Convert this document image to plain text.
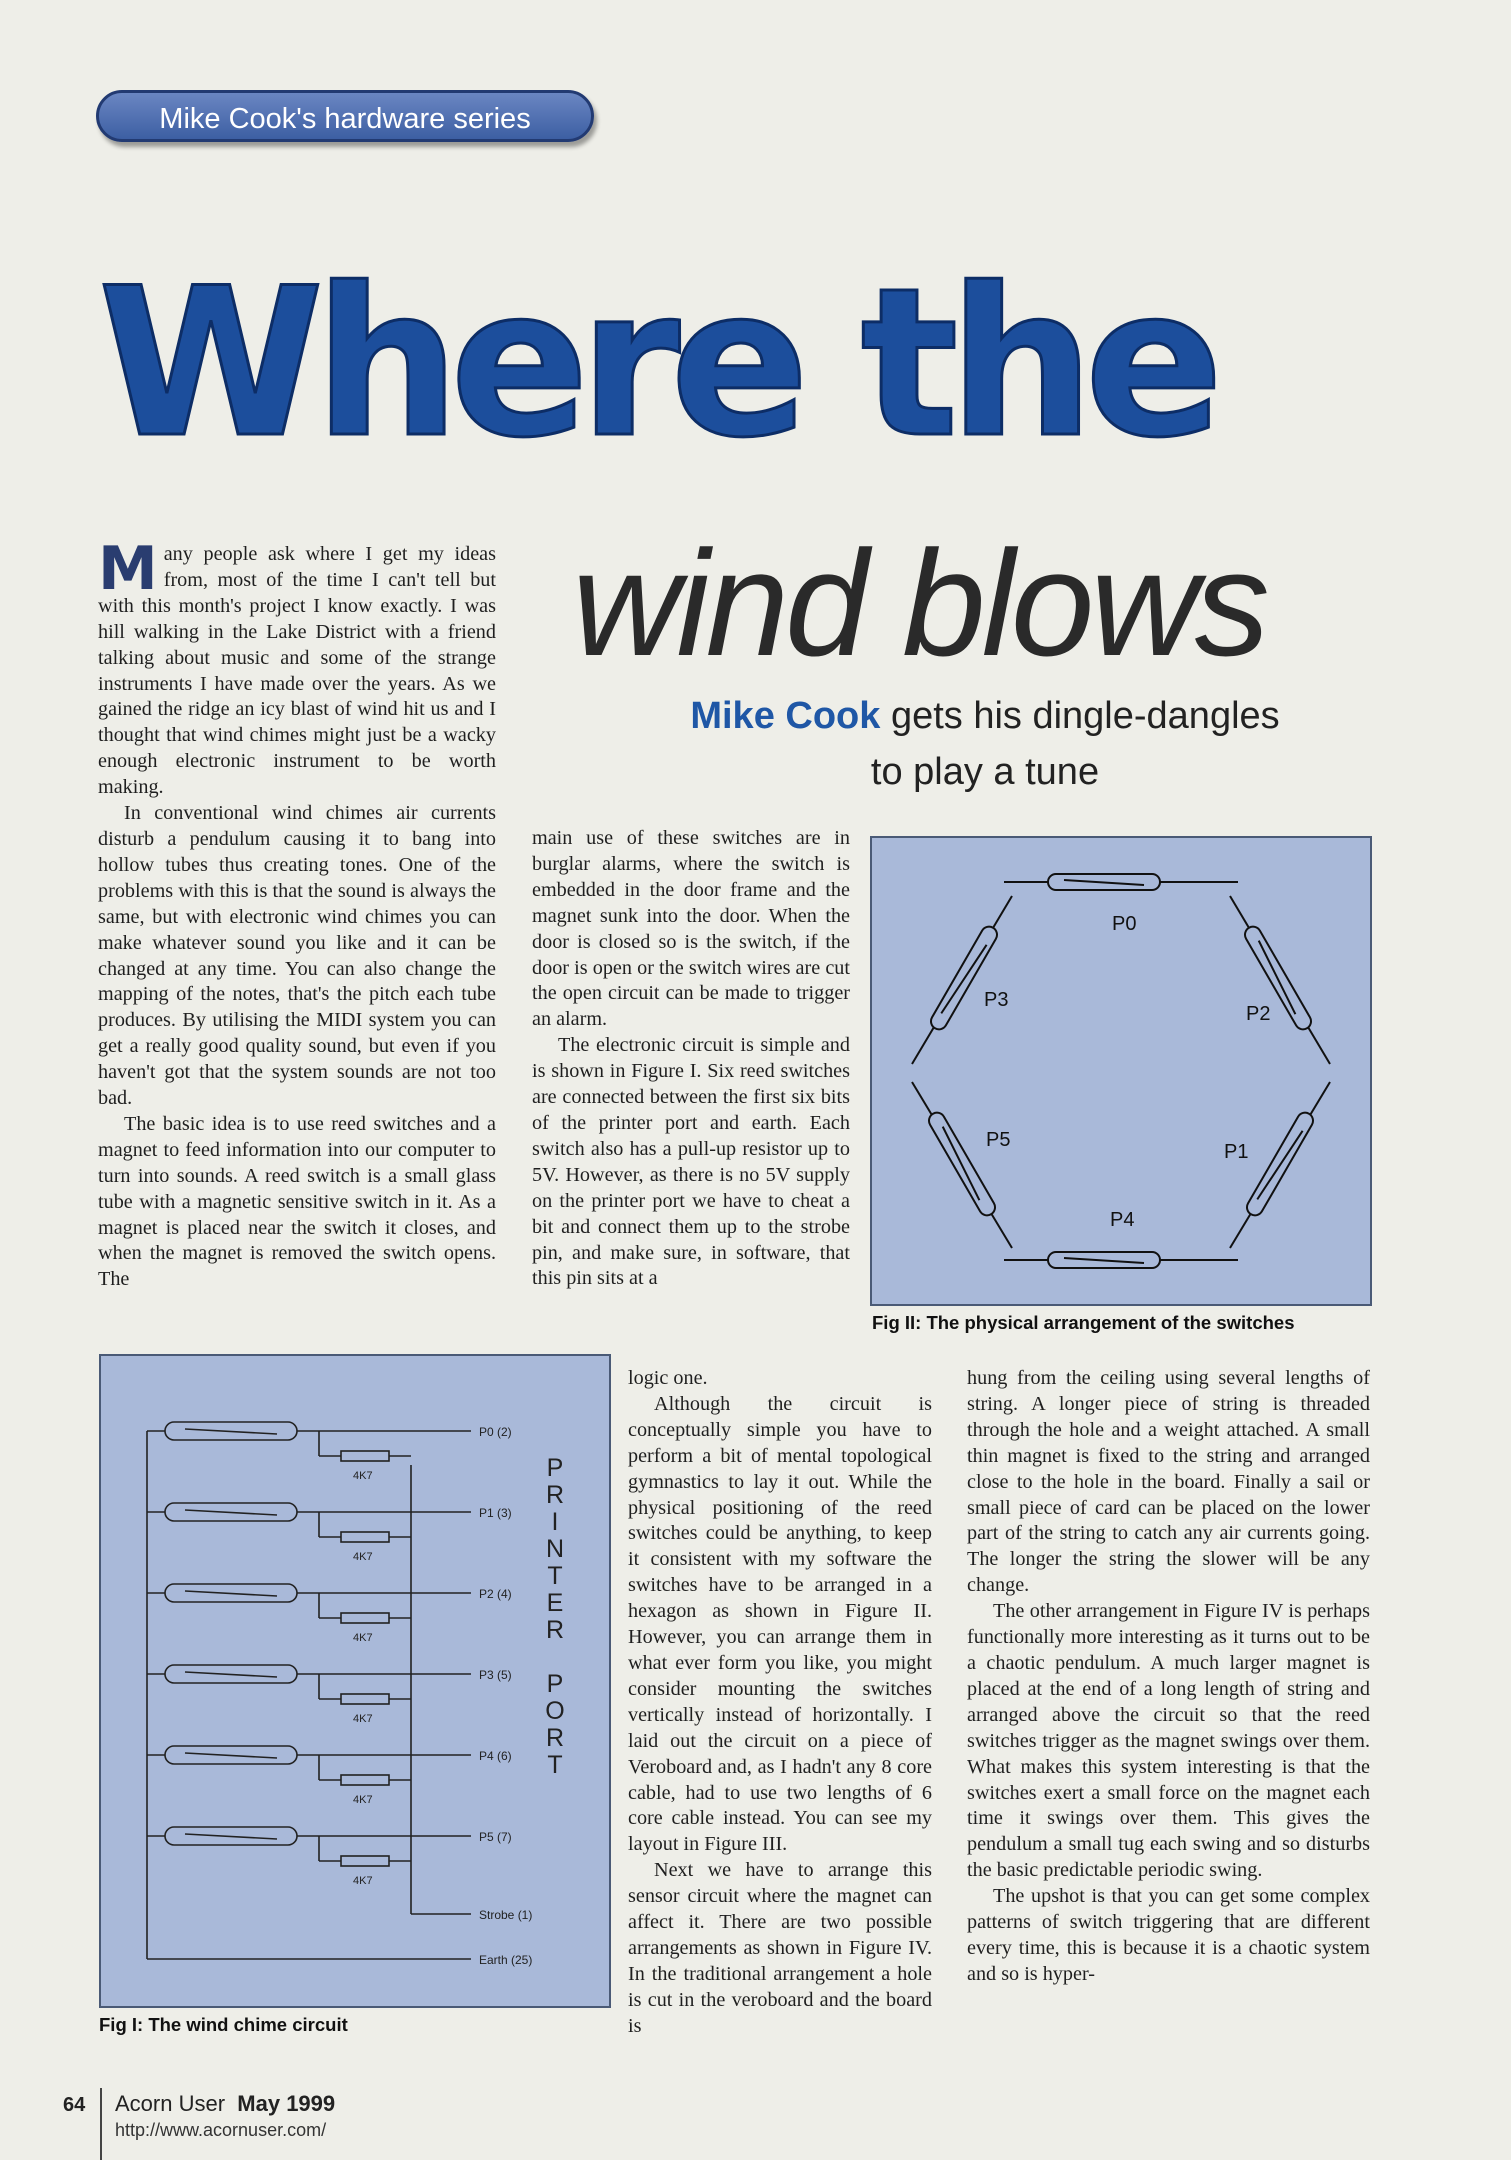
Mike Cook's hardware series
Where the
wind blows
Mike Cook gets his dingle-dangles
to play a tune

Many people ask where I get my ideas from, most of the time I can't tell but with this month's project I know exactly. I was hill walking in the Lake District with a friend talking about music and some of the strange instruments I have made over the years. As we gained the ridge an icy blast of wind hit us and I thought that wind chimes might just be a wacky enough electronic instrument to be worth making.

In conventional wind chimes air currents disturb a pendulum causing it to bang into hollow tubes thus creating tones. One of the problems with this is that the sound is always the same, but with electronic wind chimes you can make whatever sound you like and it can be changed at any time. You can also change the mapping of the notes, that's the pitch each tube produces. By utilising the MIDI system you can get a really good quality sound, but even if you haven't got that the system sounds are not too bad.

The basic idea is to use reed switches and a magnet to feed information into our computer to turn into sounds. A reed switch is a small glass tube with a magnetic sensitive switch in it. As a magnet is placed near the switch it closes, and when the magnet is removed the switch opens. The

main use of these switches are in burglar alarms, where the switch is embedded in the door frame and the magnet sunk into the door. When the door is closed so is the switch, if the door is open or the switch wires are cut the open circuit can be made to trigger an alarm.

The electronic circuit is simple and is shown in Figure I. Six reed switches are connected between the first six bits of the printer port and earth. Each switch also has a pull-up resistor up to 5V. However, as there is no 5V supply on the printer port we have to cheat a bit and connect them up to the strobe pin, and make sure, in software, that this pin sits at a

logic one.

Although the circuit is conceptually simple you have to perform a bit of mental topological gymnastics to lay it out. While the physical positioning of the reed switches could be anything, to keep it consistent with my software the switches have to be arranged in a hexagon as shown in Figure II. However, you can arrange them in what ever form you like, you might consider mounting the switches vertically instead of horizontally. I laid out the circuit on a piece of Veroboard and, as I hadn't any 8 core cable, had to use two lengths of 6 core cable instead. You can see my layout in Figure III.

Next we have to arrange this sensor circuit where the magnet can affect it. There are two possible arrangements as shown in Figure IV. In the traditional arrangement a hole is cut in the veroboard and the board is

hung from the ceiling using several lengths of string. A longer piece of string is threaded through the hole and a weight attached. A small thin magnet is fixed to the string and arranged close to the hole in the board. Finally a sail or small piece of card can be placed on the lower part of the string to catch any air currents going. The longer the string the slower will be any change.

The other arrangement in Figure IV is perhaps functionally more interesting as it turns out to be a chaotic pendulum. A much larger magnet is placed at the end of a long length of string and arranged above the circuit so that the reed switches trigger as the magnet swings over them. What makes this system interesting is that the switches exert a small force on the magnet each time it swings over them. This gives the pendulum a small tug each swing and so disturbs the basic predictable periodic swing.

The upshot is that you can get some complex patterns of switch triggering that are different every time, this is because it is a chaotic system and so is hyper-

P0
P1
P2
P3
P4
P5
Fig II: The physical arrangement of the switches
4K7
P0 (2)
4K7
P1 (3)
4K7
P2 (4)
4K7
P3 (5)
4K7
P4 (6)
4K7
P5 (7)
Strobe (1)
Earth (25)
P
R
I
N
T
E
R
P
O
R
T
Fig I: The wind chime circuit
64 Acorn User May 1999
http://www.acornuser.com/
